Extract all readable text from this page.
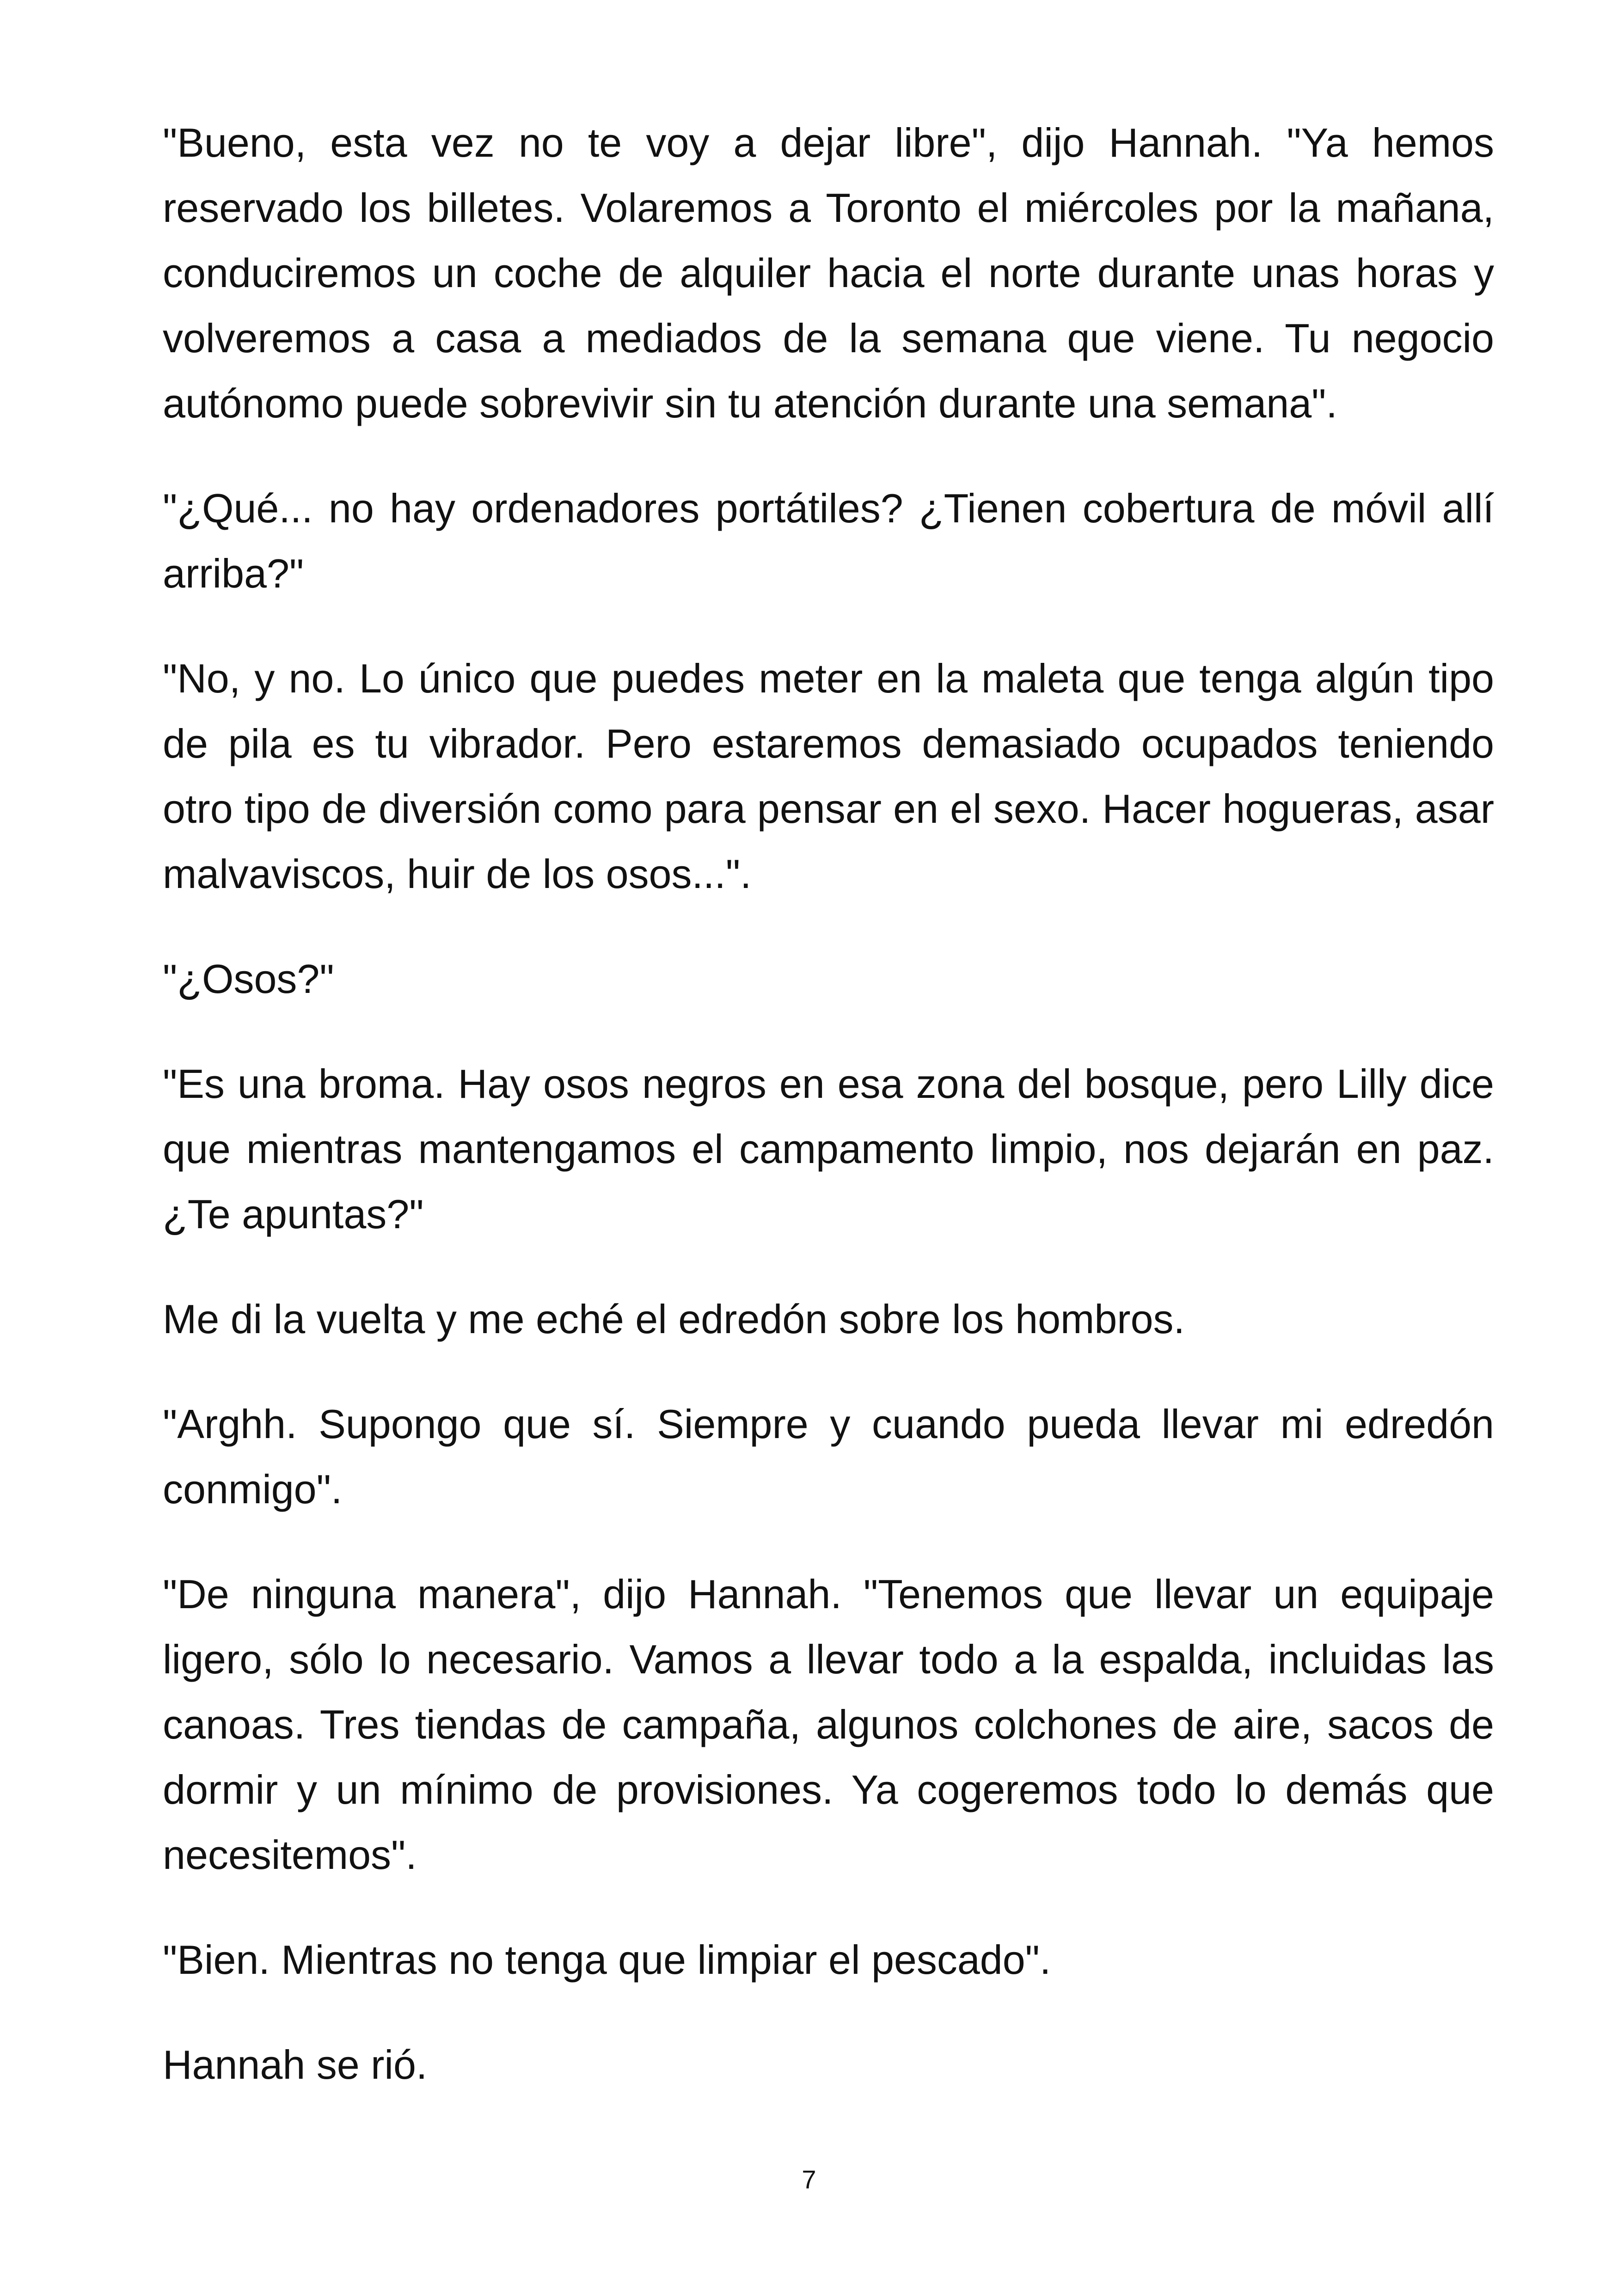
"Bueno, esta vez no te voy a dejar libre", dijo Hannah. "Ya hemos reservado los billetes. Volaremos a Toronto el miércoles por la mañana, conduciremos un coche de alquiler hacia el norte durante unas horas y volveremos a casa a mediados de la semana que viene. Tu negocio autónomo puede sobrevivir sin tu atención durante una semana".

"¿Qué... no hay ordenadores portátiles? ¿Tienen cobertura de móvil allí arriba?"

"No, y no. Lo único que puedes meter en la maleta que tenga algún tipo de pila es tu vibrador. Pero estaremos demasiado ocupados teniendo otro tipo de diversión como para pensar en el sexo. Hacer hogueras, asar malvaviscos, huir de los osos...".

"¿Osos?"

"Es una broma. Hay osos negros en esa zona del bosque, pero Lilly dice que mientras mantengamos el campamento limpio, nos dejarán en paz. ¿Te apuntas?"

Me di la vuelta y me eché el edredón sobre los hombros.

"Arghh. Supongo que sí. Siempre y cuando pueda llevar mi edredón conmigo".

"De ninguna manera", dijo Hannah. "Tenemos que llevar un equipaje ligero, sólo lo necesario. Vamos a llevar todo a la espalda, incluidas las canoas. Tres tiendas de campaña, algunos colchones de aire, sacos de dormir y un mínimo de provisiones. Ya cogeremos todo lo demás que necesitemos".

"Bien. Mientras no tenga que limpiar el pescado".

Hannah se rió.

7
